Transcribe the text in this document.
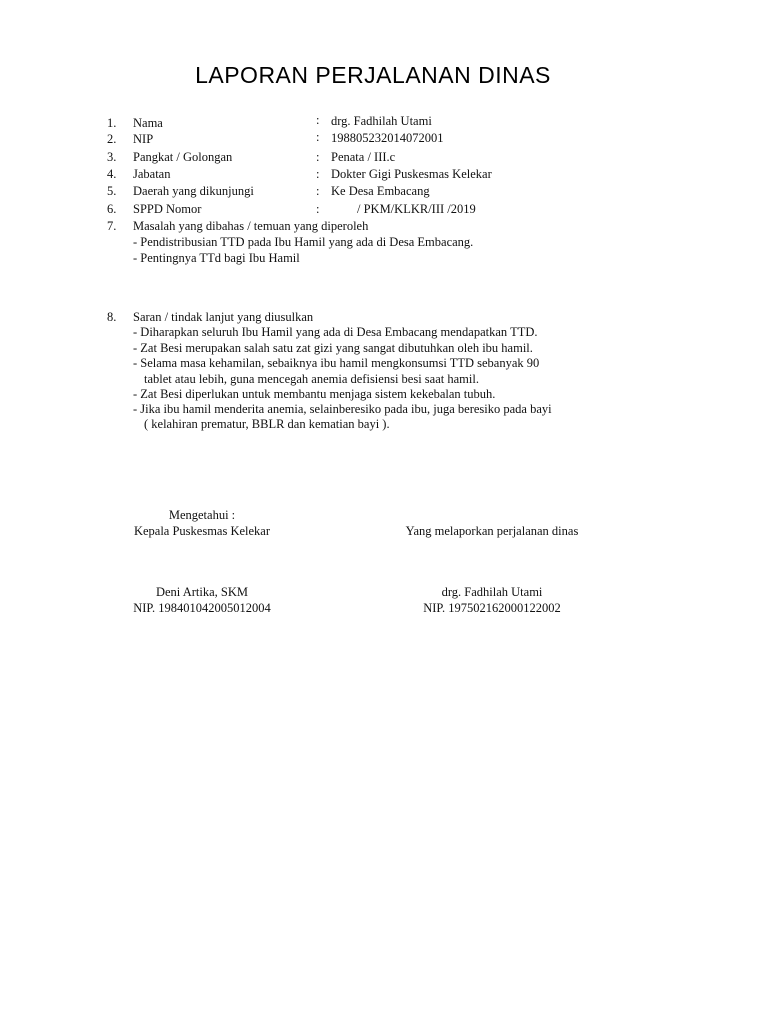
LAPORAN PERJALANAN DINAS
1. Nama	: drg. Fadhilah Utami
2. NIP	: 198805232014072001
3. Pangkat / Golongan	: Penata / III.c
4. Jabatan	: Dokter Gigi Puskesmas Kelekar
5. Daerah yang dikunjungi	: Ke Desa Embacang
6. SPPD Nomor	:	/ PKM/KLKR/III /2019
7. Masalah yang dibahas / temuan yang diperoleh
- Pendistribusian TTD pada Ibu Hamil yang ada di Desa Embacang.
- Pentingnya TTd bagi Ibu Hamil
8. Saran / tindak lanjut yang diusulkan
- Diharapkan seluruh Ibu Hamil yang ada di Desa Embacang mendapatkan TTD.
- Zat Besi merupakan salah satu zat gizi yang sangat dibutuhkan oleh ibu hamil.
- Selama masa kehamilan, sebaiknya ibu hamil mengkonsumsi TTD sebanyak 90
tablet atau lebih, guna mencegah anemia defisiensi besi saat hamil.
- Zat Besi diperlukan untuk membantu menjaga sistem kekebalan tubuh.
- Jika ibu hamil menderita anemia, selainberesiko pada ibu, juga beresiko pada bayi
( kelahiran prematur, BBLR dan kematian bayi ).
Mengetahui :
Kepala Puskesmas Kelekar
Deni Artika, SKM
NIP. 198401042005012004
Yang melaporkan perjalanan dinas
drg. Fadhilah Utami
NIP. 197502162000122002
